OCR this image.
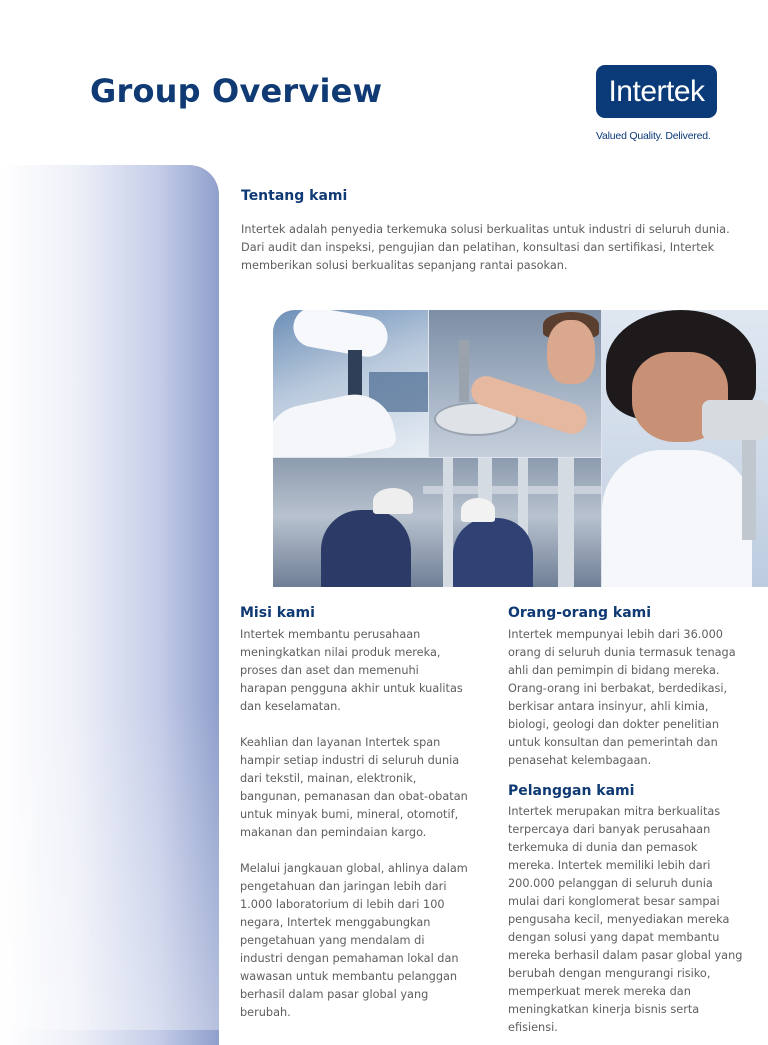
Group Overview	Intertek
Valued Quality. Delivered.
Tentang kami

Intertek adalah penyedia terkemuka solusi berkualitas untuk industri di seluruh dunia.

Dari audit dan inspeksi, pengujian dan pelatihan, konsultasi dan sertifikasi, Intertek memberikan solusi berkualitas sepanjang rantai pasokan.

Misi kami

Intertek membantu perusahaan meningkatkan nilai produk mereka, proses dan aset dan memenuhi harapan pengguna akhir untuk kualitas dan keselamatan.

Keahlian dan layanan Intertek span hampir setiap industri di seluruh dunia dari tekstil, mainan, elektronik, bangunan, pemanasan dan obat-obatan untuk minyak bumi, mineral, otomotif, makanan dan pemindaian kargo.

Melalui jangkauan global, ahlinya dalam pengetahuan dan jaringan lebih dari 1.000 laboratorium di lebih dari 100 negara, Intertek menggabungkan pengetahuan yang mendalam di industri dengan pemahaman lokal dan wawasan untuk membantu pelanggan berhasil dalam pasar global yang berubah.

Orang-orang kami

Intertek mempunyai lebih dari 36.000 orang di seluruh dunia termasuk tenaga ahli dan pemimpin di bidang mereka. Orang-orang ini berbakat, berdedikasi, berkisar antara insinyur, ahli kimia, biologi, geologi dan dokter penelitian untuk konsultan dan pemerintah dan penasehat kelembagaan.

Pelanggan kami

Intertek merupakan mitra berkualitas terpercaya dari banyak perusahaan terkemuka di dunia dan pemasok mereka. Intertek memiliki lebih dari 200.000 pelanggan di seluruh dunia mulai dari konglomerat besar sampai pengusaha kecil, menyediakan mereka dengan solusi yang dapat membantu mereka berhasil dalam pasar global yang berubah dengan mengurangi risiko, memperkuat merek mereka dan meningkatkan kinerja bisnis serta efisiensi.
